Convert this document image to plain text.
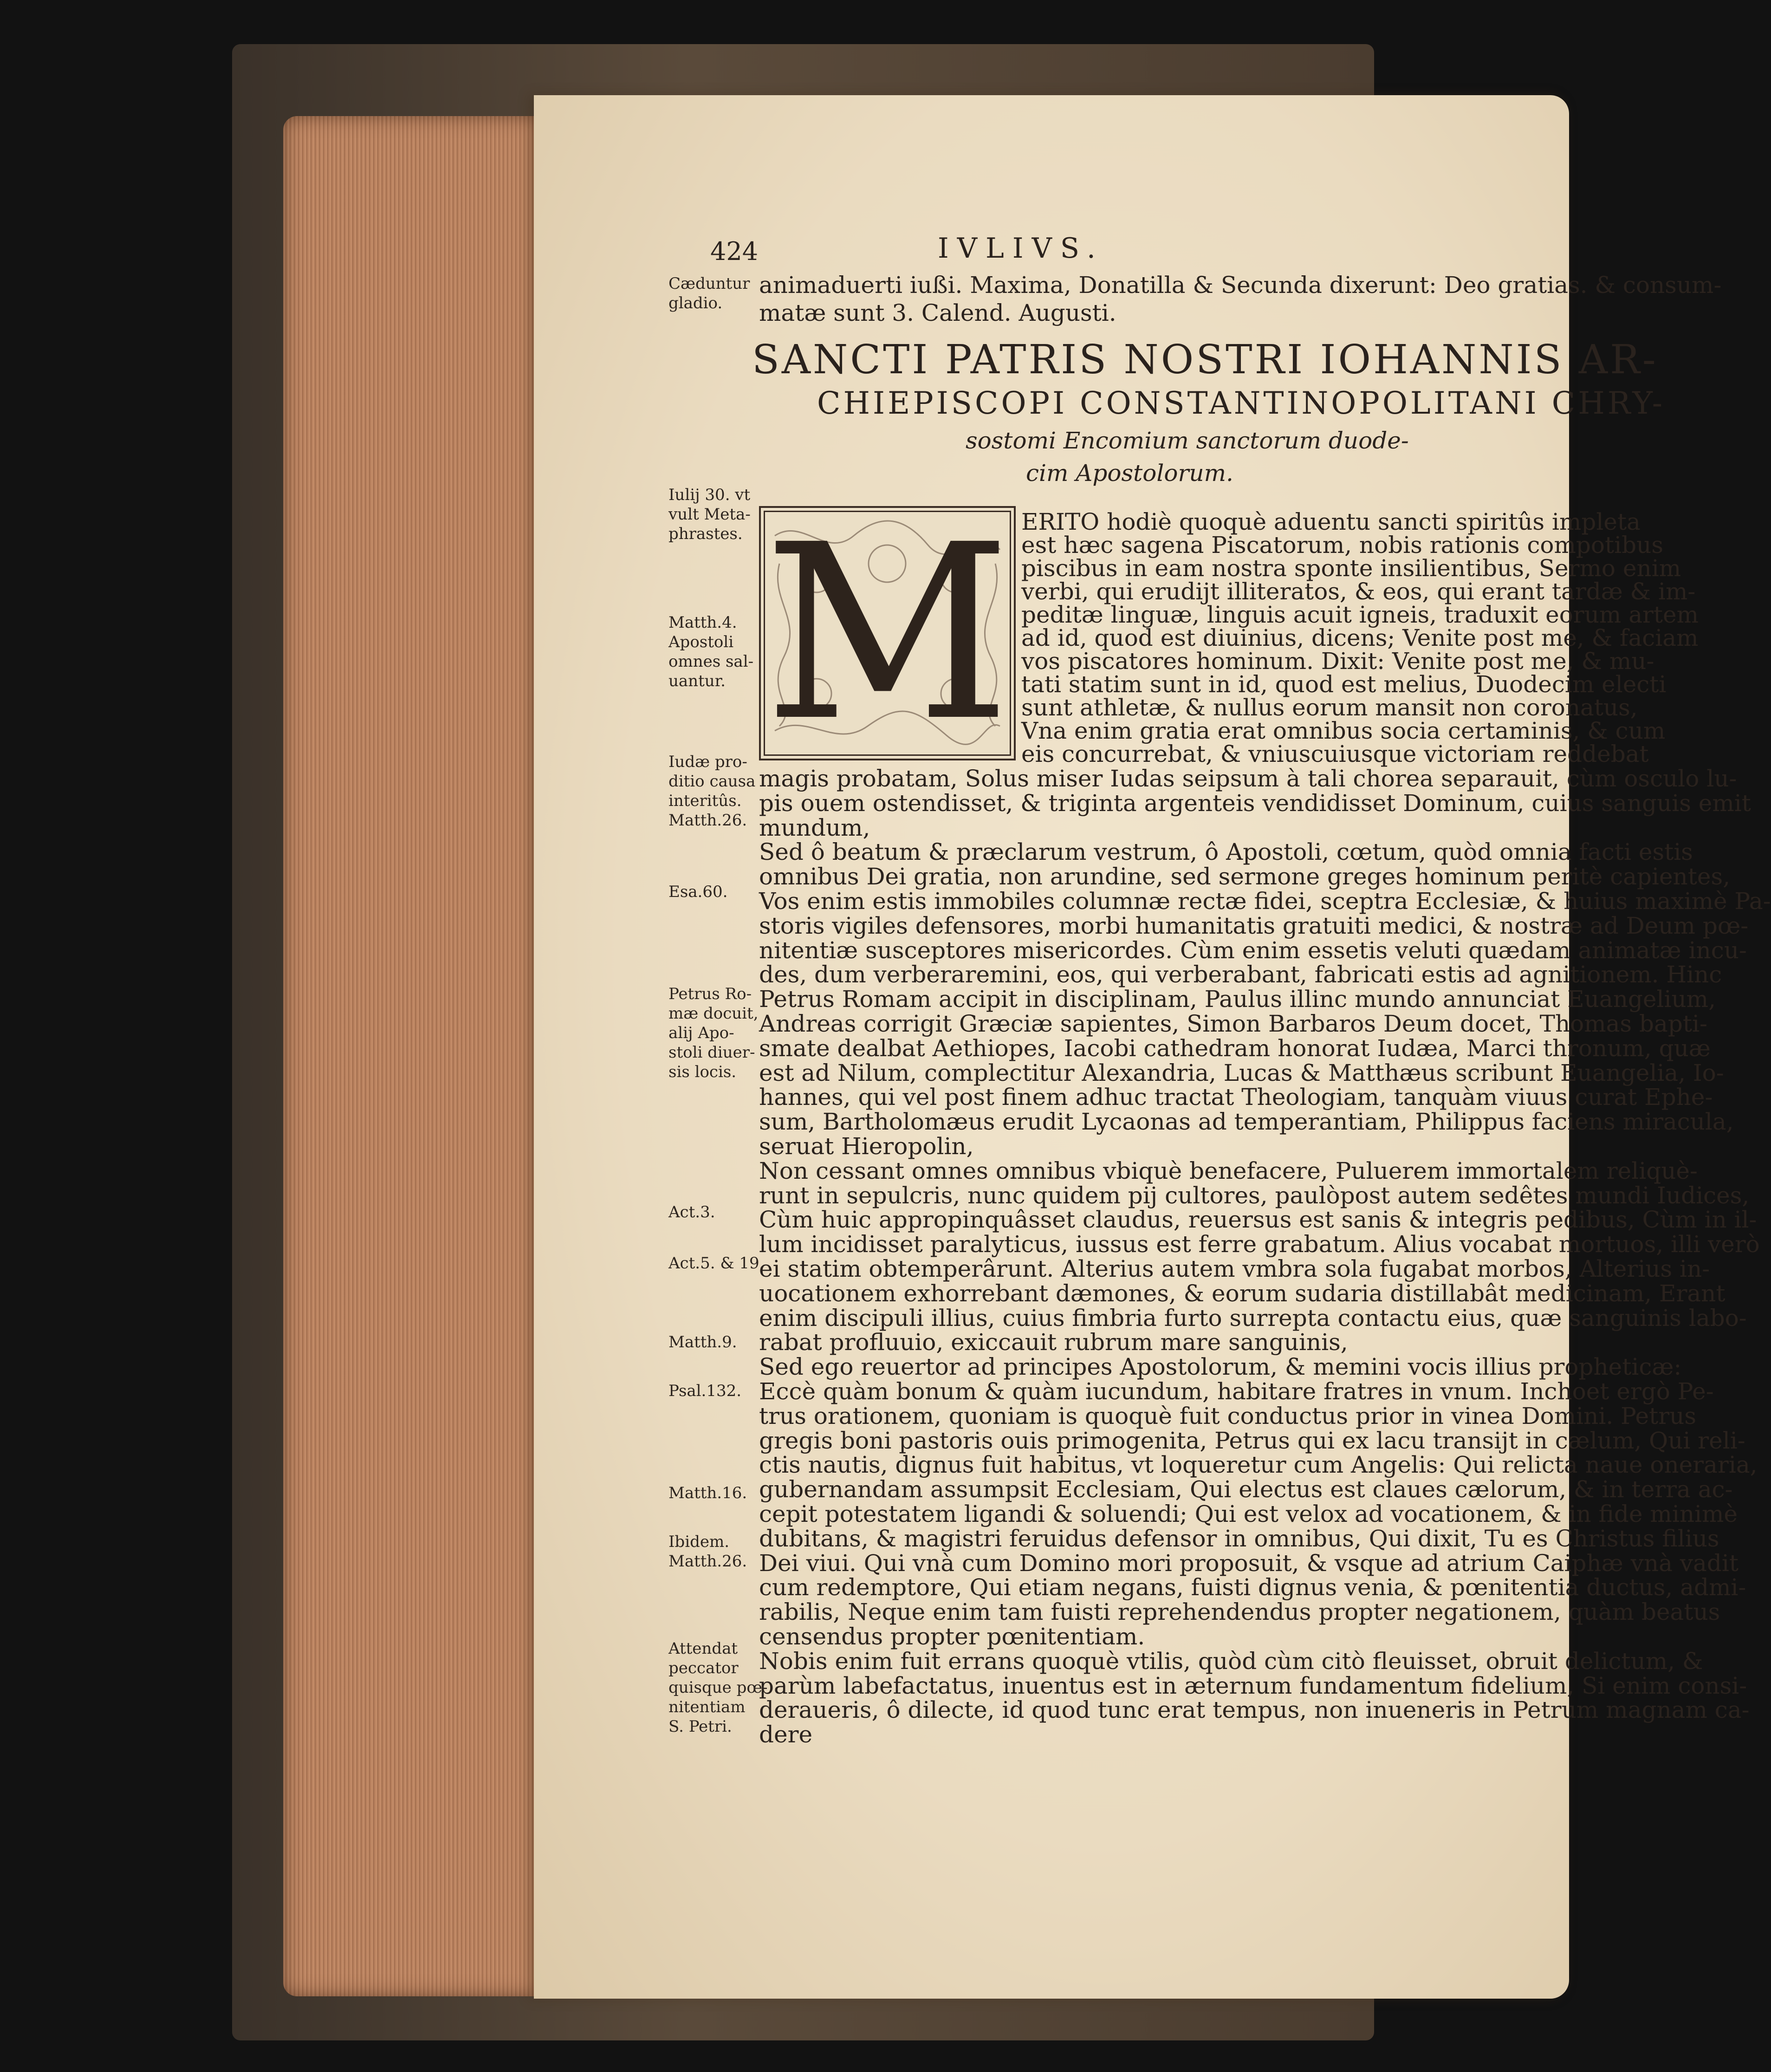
424	IVLIVS.
animaduerti iußi. Maxima, Donatilla & Secunda dixerunt: Deo gratias. & consum-
matæ sunt 3. Calend. Augusti.
SANCTI PATRIS NOSTRI IOHANNIS AR-
CHIEPISCOPI CONSTANTINOPOLITANI CHRY-
sostomi Encomium sanctorum duode-
cim Apostolorum.
M ERITO hodiè quoquè aduentu sancti spiritûs impleta
est hæc sagena Piscatorum, nobis rationis compotibus
piscibus in eam nostra sponte insilientibus, Sermo enim
verbi, qui erudijt illiteratos, & eos, qui erant tardæ & im-
peditæ linguæ, linguis acuit igneis, traduxit eorum artem
ad id, quod est diuinius, dicens; Venite post me, & faciam
vos piscatores hominum. Dixit: Venite post me, & mu-
tati statim sunt in id, quod est melius, Duodecim electi
sunt athletæ, & nullus eorum mansit non coronatus,
Vna enim gratia erat omnibus socia certaminis, & cum
eis concurrebat, & vniuscuiusque victoriam reddebat
magis probatam, Solus miser Iudas seipsum à tali chorea separauit, cùm osculo lu-
pis ouem ostendisset, & triginta argenteis vendidisset Dominum, cuius sanguis emit
mundum,
Sed ô beatum & præclarum vestrum, ô Apostoli, cœtum, quòd omnia facti estis
omnibus Dei gratia, non arundine, sed sermone greges hominum peritè capientes,
Vos enim estis immobiles columnæ rectæ fidei, sceptra Ecclesiæ, & huius maximè Pa-
storis vigiles defensores, morbi humanitatis gratuiti medici, & nostræ ad Deum pœ-
nitentiæ susceptores misericordes. Cùm enim essetis veluti quædam animatæ incu-
des, dum verberaremini, eos, qui verberabant, fabricati estis ad agnitionem. Hinc
Petrus Romam accipit in disciplinam, Paulus illinc mundo annunciat Euangelium,
Andreas corrigit Græciæ sapientes, Simon Barbaros Deum docet, Thomas bapti-
smate dealbat Aethiopes, Iacobi cathedram honorat Iudæa, Marci thronum, quæ
est ad Nilum, complectitur Alexandria, Lucas & Matthæus scribunt Euangelia, Io-
hannes, qui vel post finem adhuc tractat Theologiam, tanquàm viuus curat Ephe-
sum, Bartholomæus erudit Lycaonas ad temperantiam, Philippus faciens miracula,
seruat Hieropolin,
Non cessant omnes omnibus vbiquè benefacere, Puluerem immortalem reliquè-
runt in sepulcris, nunc quidem pij cultores, paulòpost autem sedêtes mundi Iudices,
Cùm huic appropinquâsset claudus, reuersus est sanis & integris pedibus, Cùm in il-
lum incidisset paralyticus, iussus est ferre grabatum. Alius vocabat mortuos, illi verò
ei statim obtemperârunt. Alterius autem vmbra sola fugabat morbos, Alterius in-
uocationem exhorrebant dæmones, & eorum sudaria distillabât medicinam, Erant
enim discipuli illius, cuius fimbria furto surrepta contactu eius, quæ sanguinis labo-
rabat profluuio, exiccauit rubrum mare sanguinis,
Sed ego reuertor ad principes Apostolorum, & memini vocis illius propheticæ:
Eccè quàm bonum & quàm iucundum, habitare fratres in vnum. Inchoet ergò Pe-
trus orationem, quoniam is quoquè fuit conductus prior in vinea Domini. Petrus
gregis boni pastoris ouis primogenita, Petrus qui ex lacu transijt in cælum, Qui reli-
ctis nautis, dignus fuit habitus, vt loqueretur cum Angelis: Qui relicta naue oneraria,
gubernandam assumpsit Ecclesiam, Qui electus est claues cælorum, & in terra ac-
cepit potestatem ligandi & soluendi; Qui est velox ad vocationem, & in fide minimè
dubitans, & magistri feruidus defensor in omnibus, Qui dixit, Tu es Christus filius
Dei viui. Qui vnà cum Domino mori proposuit, & vsque ad atrium Caiphæ vnà vadit
cum redemptore, Qui etiam negans, fuisti dignus venia, & pœnitentia ductus, admi-
rabilis, Neque enim tam fuisti reprehendendus propter negationem, quàm beatus
censendus propter pœnitentiam.
Nobis enim fuit errans quoquè vtilis, quòd cùm citò fleuisset, obruit delictum, &
parùm labefactatus, inuentus est in æternum fundamentum fidelium, Si enim consi-
deraueris, ô dilecte, id quod tunc erat tempus, non inueneris in Petrum magnam ca-
dere
Cæduntur
gladio.
Iulij 30. vt
vult Meta-
phrastes.
Matth.4.
Apostoli
omnes sal-
uantur.
Iudæ pro-
ditio causa
interitûs.
Matth.26.
Esa.60.
Petrus Ro-
mæ docuit,
alij Apo-
stoli diuer-
sis locis.
Act.3.
Act.5. & 19.
Matth.9.
Psal.132.
Matth.16.
Ibidem.
Matth.26.
Attendat
peccator
quisque pœ-
nitentiam
S. Petri.
